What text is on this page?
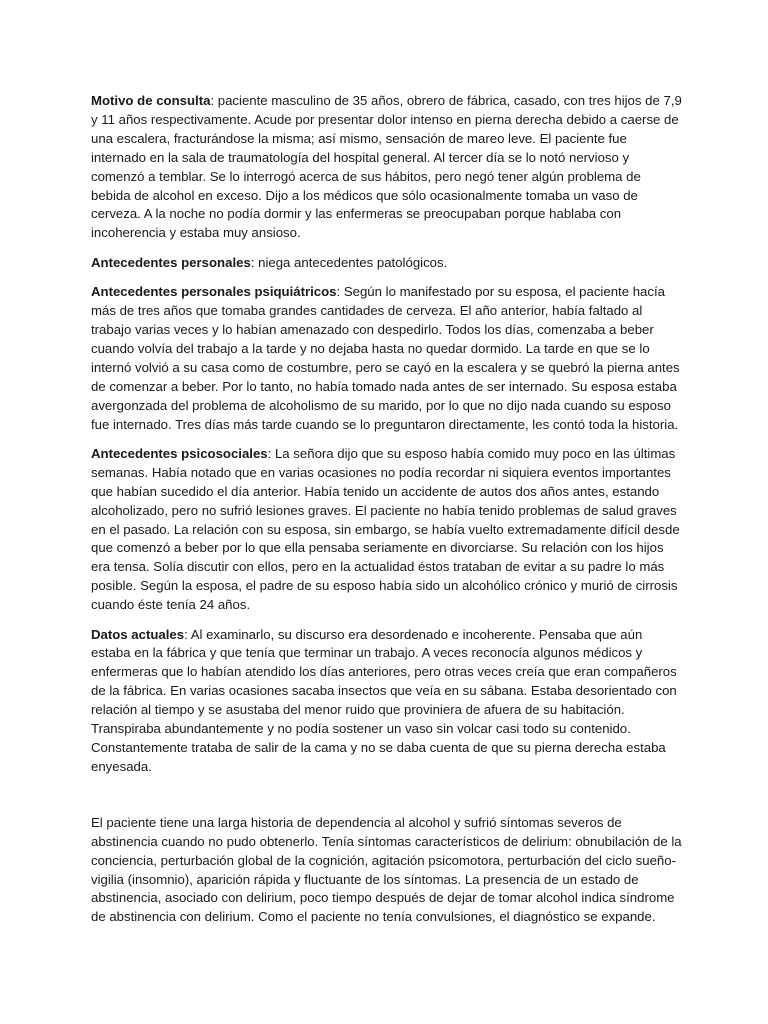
Motivo de consulta: paciente masculino de 35 años, obrero de fábrica, casado, con tres hijos de 7,9 y 11 años respectivamente. Acude por presentar dolor intenso en pierna derecha debido a caerse de una escalera, fracturándose la misma; así mismo, sensación de mareo leve. El paciente fue internado en la sala de traumatología del hospital general. Al tercer día se lo notó nervioso y comenzó a temblar. Se lo interrogó acerca de sus hábitos, pero negó tener algún problema de bebida de alcohol en exceso. Dijo a los médicos que sólo ocasionalmente tomaba un vaso de cerveza. A la noche no podía dormir y las enfermeras se preocupaban porque hablaba con incoherencia y estaba muy ansioso.

Antecedentes personales: niega antecedentes patológicos.

Antecedentes personales psiquiátricos: Según lo manifestado por su esposa, el paciente hacía más de tres años que tomaba grandes cantidades de cerveza. El año anterior, había faltado al trabajo varias veces y lo habían amenazado con despedirlo. Todos los días, comenzaba a beber cuando volvía del trabajo a la tarde y no dejaba hasta no quedar dormido. La tarde en que se lo internó volvió a su casa como de costumbre, pero se cayó en la escalera y se quebró la pierna antes de comenzar a beber. Por lo tanto, no había tomado nada antes de ser internado. Su esposa estaba avergonzada del problema de alcoholismo de su marido, por lo que no dijo nada cuando su esposo fue internado. Tres días más tarde cuando se lo preguntaron directamente, les contó toda la historia.

Antecedentes psicosociales: La señora dijo que su esposo había comido muy poco en las últimas semanas. Había notado que en varias ocasiones no podía recordar ni siquiera eventos importantes que habían sucedido el día anterior. Había tenido un accidente de autos dos años antes, estando alcoholizado, pero no sufrió lesiones graves. El paciente no había tenido problemas de salud graves en el pasado. La relación con su esposa, sin embargo, se había vuelto extremadamente difícil desde que comenzó a beber por lo que ella pensaba seriamente en divorciarse. Su relación con los hijos era tensa. Solía discutir con ellos, pero en la actualidad éstos trataban de evitar a su padre lo más posible. Según la esposa, el padre de su esposo había sido un alcohólico crónico y murió de cirrosis cuando éste tenía 24 años.

Datos actuales: Al examinarlo, su discurso era desordenado e incoherente. Pensaba que aún estaba en la fábrica y que tenía que terminar un trabajo. A veces reconocía algunos médicos y enfermeras que lo habían atendido los días anteriores, pero otras veces creía que eran compañeros de la fábrica. En varias ocasiones sacaba insectos que veía en su sábana. Estaba desorientado con relación al tiempo y se asustaba del menor ruido que proviniera de afuera de su habitación. Transpiraba abundantemente y no podía sostener un vaso sin volcar casi todo su contenido. Constantemente trataba de salir de la cama y no se daba cuenta de que su pierna derecha estaba enyesada.

El paciente tiene una larga historia de dependencia al alcohol y sufrió síntomas severos de abstinencia cuando no pudo obtenerlo. Tenía síntomas característicos de delirium: obnubilación de la conciencia, perturbación global de la cognición, agitación psicomotora, perturbación del ciclo sueño-vigilia (insomnio), aparición rápida y fluctuante de los síntomas. La presencia de un estado de abstinencia, asociado con delirium, poco tiempo después de dejar de tomar alcohol indica síndrome de abstinencia con delirium. Como el paciente no tenía convulsiones, el diagnóstico se expande.
